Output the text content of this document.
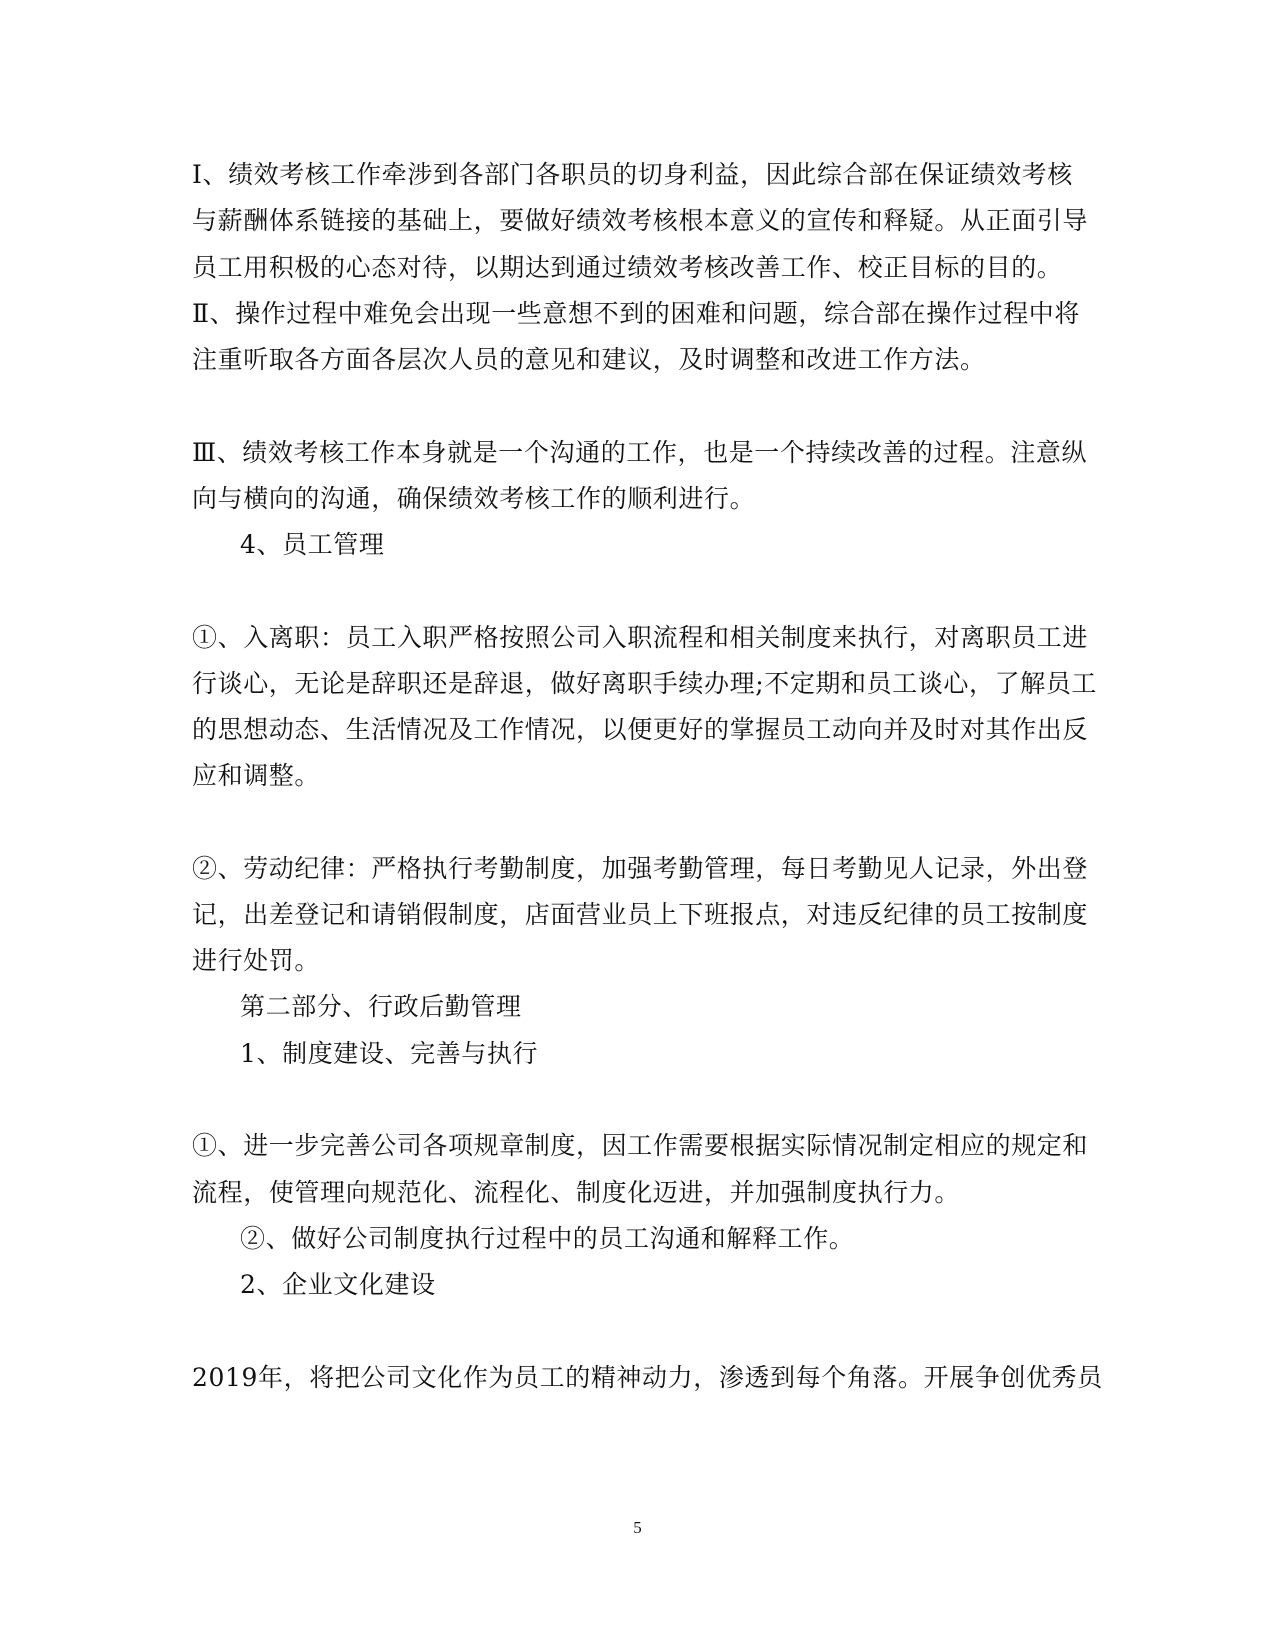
Ⅰ、绩效考核工作牵涉到各部门各职员的切身利益，因此综合部在保证绩效考核
与薪酬体系链接的基础上，要做好绩效考核根本意义的宣传和释疑。从正面引导
员工用积极的心态对待，以期达到通过绩效考核改善工作、校正目标的目的。
Ⅱ、操作过程中难免会出现一些意想不到的困难和问题，综合部在操作过程中将
注重听取各方面各层次人员的意见和建议，及时调整和改进工作方法。
Ⅲ、绩效考核工作本身就是一个沟通的工作，也是一个持续改善的过程。注意纵
向与横向的沟通，确保绩效考核工作的顺利进行。
4、员工管理
①、入离职：员工入职严格按照公司入职流程和相关制度来执行，对离职员工进
行谈心，无论是辞职还是辞退，做好离职手续办理;不定期和员工谈心，了解员工
的思想动态、生活情况及工作情况，以便更好的掌握员工动向并及时对其作出反
应和调整。
②、劳动纪律：严格执行考勤制度，加强考勤管理，每日考勤见人记录，外出登
记，出差登记和请销假制度，店面营业员上下班报点，对违反纪律的员工按制度
进行处罚。
第二部分、行政后勤管理
1、制度建设、完善与执行
①、进一步完善公司各项规章制度，因工作需要根据实际情况制定相应的规定和
流程，使管理向规范化、流程化、制度化迈进，并加强制度执行力。
②、做好公司制度执行过程中的员工沟通和解释工作。
2、企业文化建设
2019年，将把公司文化作为员工的精神动力，渗透到每个角落。开展争创优秀员
5
